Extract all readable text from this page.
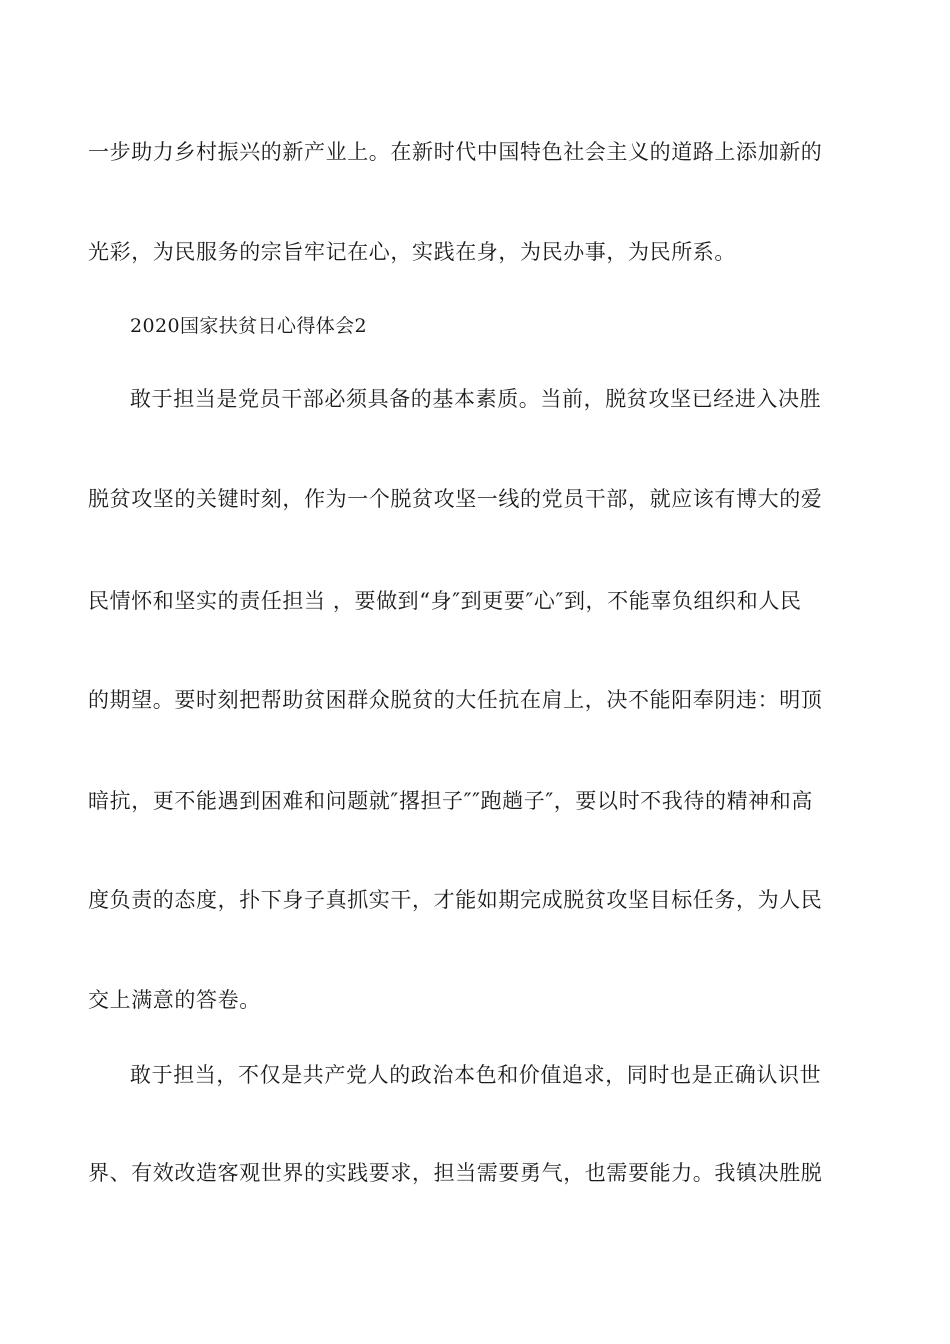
一步助力乡村振兴的新产业上。在新时代中国特色社会主义的道路上添加新的
光彩，为民服务的宗旨牢记在心，实践在身，为民办事，为民所系。
2020国家扶贫日心得体会2
敢于担当是党员干部必须具备的基本素质。当前，脱贫攻坚已经进入决胜
脱贫攻坚的关键时刻，作为一个脱贫攻坚一线的党员干部，就应该有博大的爱
民情怀和坚实的责任担当 ，要做到“身″到更要″心″到，不能辜负组织和人民
的期望。要时刻把帮助贫困群众脱贫的大任抗在肩上，决不能阳奉阴违：明顶
暗抗，更不能遇到困难和问题就″撂担子″″跑趟子″，要以时不我待的精神和高
度负责的态度，扑下身子真抓实干，才能如期完成脱贫攻坚目标任务，为人民
交上满意的答卷。
敢于担当，不仅是共产党人的政治本色和价值追求，同时也是正确认识世
界、有效改造客观世界的实践要求，担当需要勇气，也需要能力。我镇决胜脱
